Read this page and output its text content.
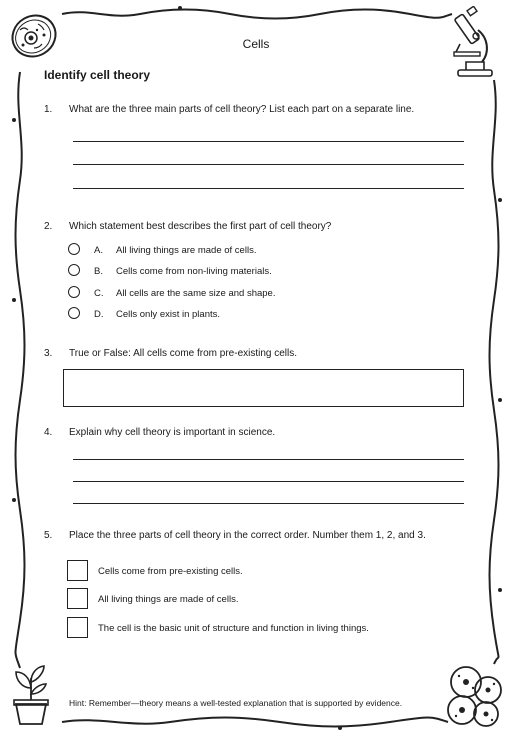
Cells
Identify cell theory
1. What are the three main parts of cell theory? List each part on a separate line.
2. Which statement best describes the first part of cell theory?
A. All living things are made of cells.
B. Cells come from non-living materials.
C. All cells are the same size and shape.
D. Cells only exist in plants.
3. True or False: All cells come from pre-existing cells.
4. Explain why cell theory is important in science.
5. Place the three parts of cell theory in the correct order. Number them 1, 2, and 3.
Cells come from pre-existing cells.
All living things are made of cells.
The cell is the basic unit of structure and function in living things.
Hint: Remember—theory means a well-tested explanation that is supported by evidence.
